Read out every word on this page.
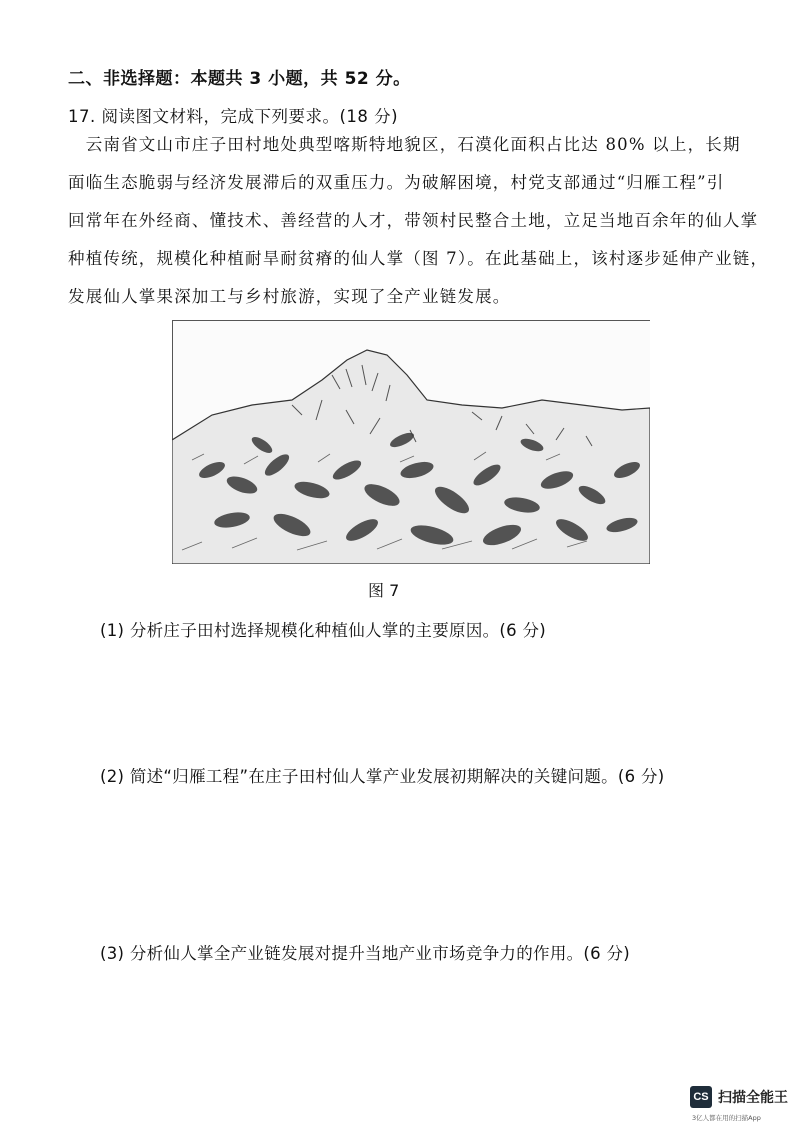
二、非选择题：本题共 3 小题，共 52 分。
17. 阅读图文材料，完成下列要求。(18 分)

　云南省文山市庄子田村地处典型喀斯特地貌区，石漠化面积占比达 80% 以上，长期

面临生态脆弱与经济发展滞后的双重压力。为破解困境，村党支部通过“归雁工程”引

回常年在外经商、懂技术、善经营的人才，带领村民整合土地，立足当地百余年的仙人掌

种植传统，规模化种植耐旱耐贫瘠的仙人掌（图 7）。在此基础上，该村逐步延伸产业链，

发展仙人掌果深加工与乡村旅游，实现了全产业链发展。

图 7
(1) 分析庄子田村选择规模化种植仙人掌的主要原因。(6 分)
(2) 简述“归雁工程”在庄子田村仙人掌产业发展初期解决的关键问题。(6 分)
(3) 分析仙人掌全产业链发展对提升当地产业市场竞争力的作用。(6 分)
CS 扫描全能王
3亿人都在用的扫描App
